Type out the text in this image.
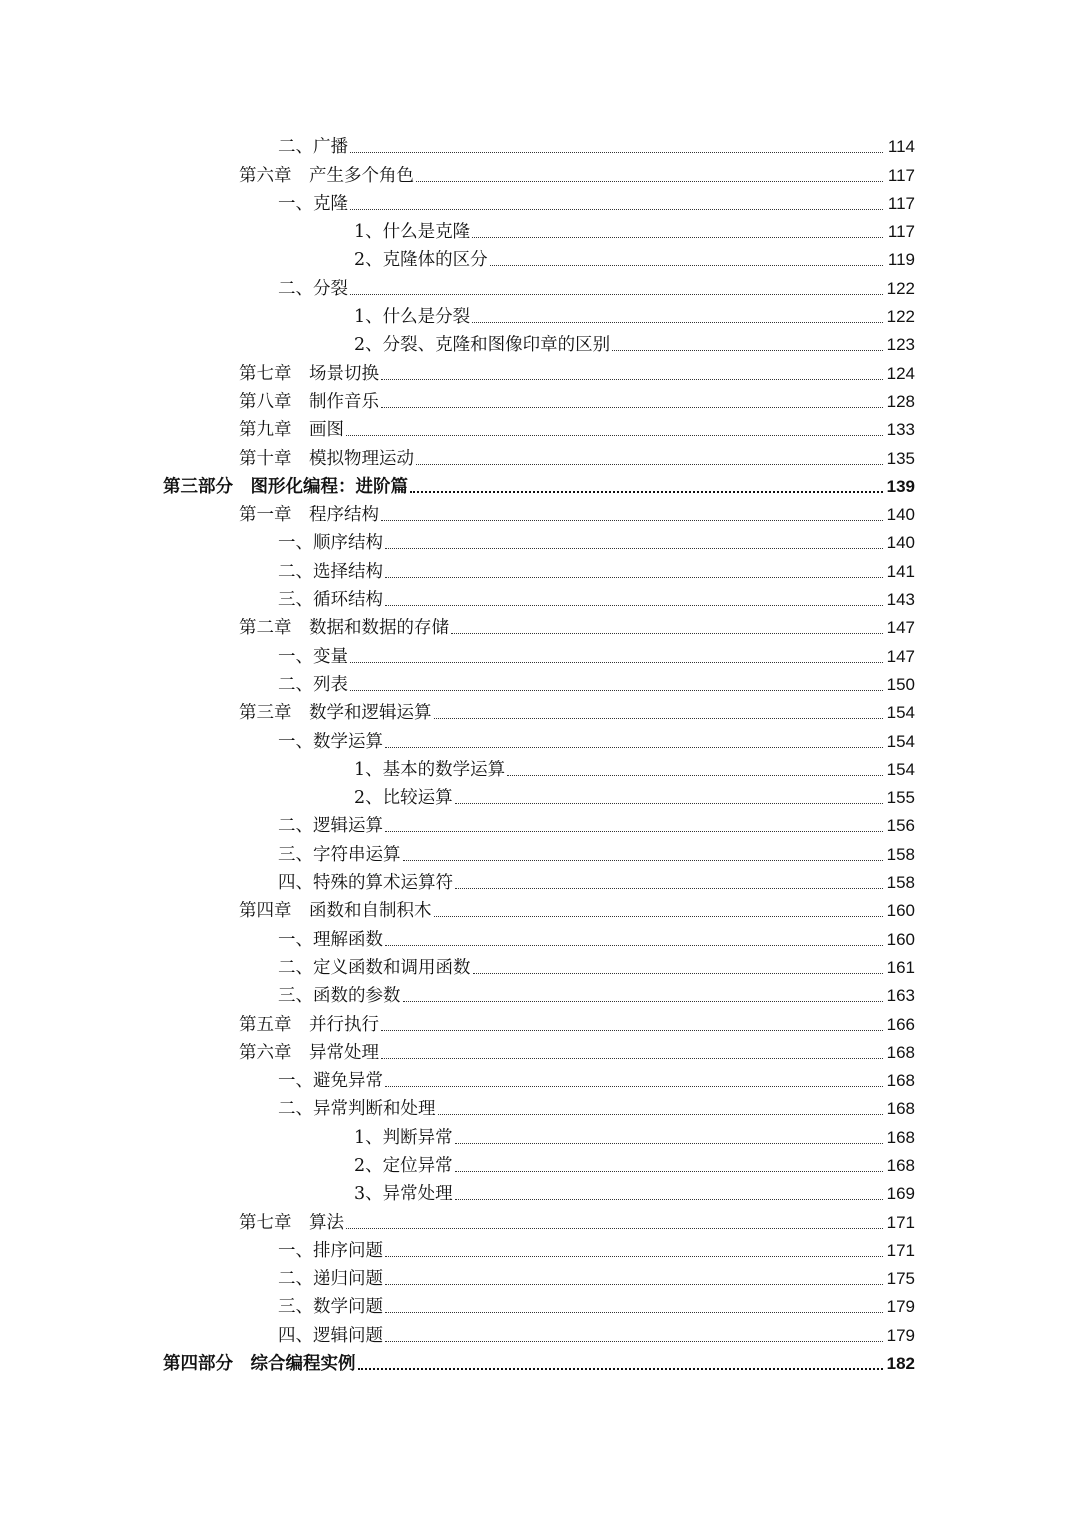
二、广播	114
第六章　产生多个角色	117
一、克隆	117
1、什么是克隆	117
2、克隆体的区分	119
二、分裂	122
1、什么是分裂	122
2、分裂、克隆和图像印章的区别	123
第七章　场景切换	124
第八章　制作音乐	128
第九章　画图	133
第十章　模拟物理运动	135
第三部分　图形化编程：进阶篇	139
第一章　程序结构	140
一、顺序结构	140
二、选择结构	141
三、循环结构	143
第二章　数据和数据的存储	147
一、变量	147
二、列表	150
第三章　数学和逻辑运算	154
一、数学运算	154
1、基本的数学运算	154
2、比较运算	155
二、逻辑运算	156
三、字符串运算	158
四、特殊的算术运算符	158
第四章　函数和自制积木	160
一、理解函数	160
二、定义函数和调用函数	161
三、函数的参数	163
第五章　并行执行	166
第六章　异常处理	168
一、避免异常	168
二、异常判断和处理	168
1、判断异常	168
2、定位异常	168
3、异常处理	169
第七章　算法	171
一、排序问题	171
二、递归问题	175
三、数学问题	179
四、逻辑问题	179
第四部分　综合编程实例	182
